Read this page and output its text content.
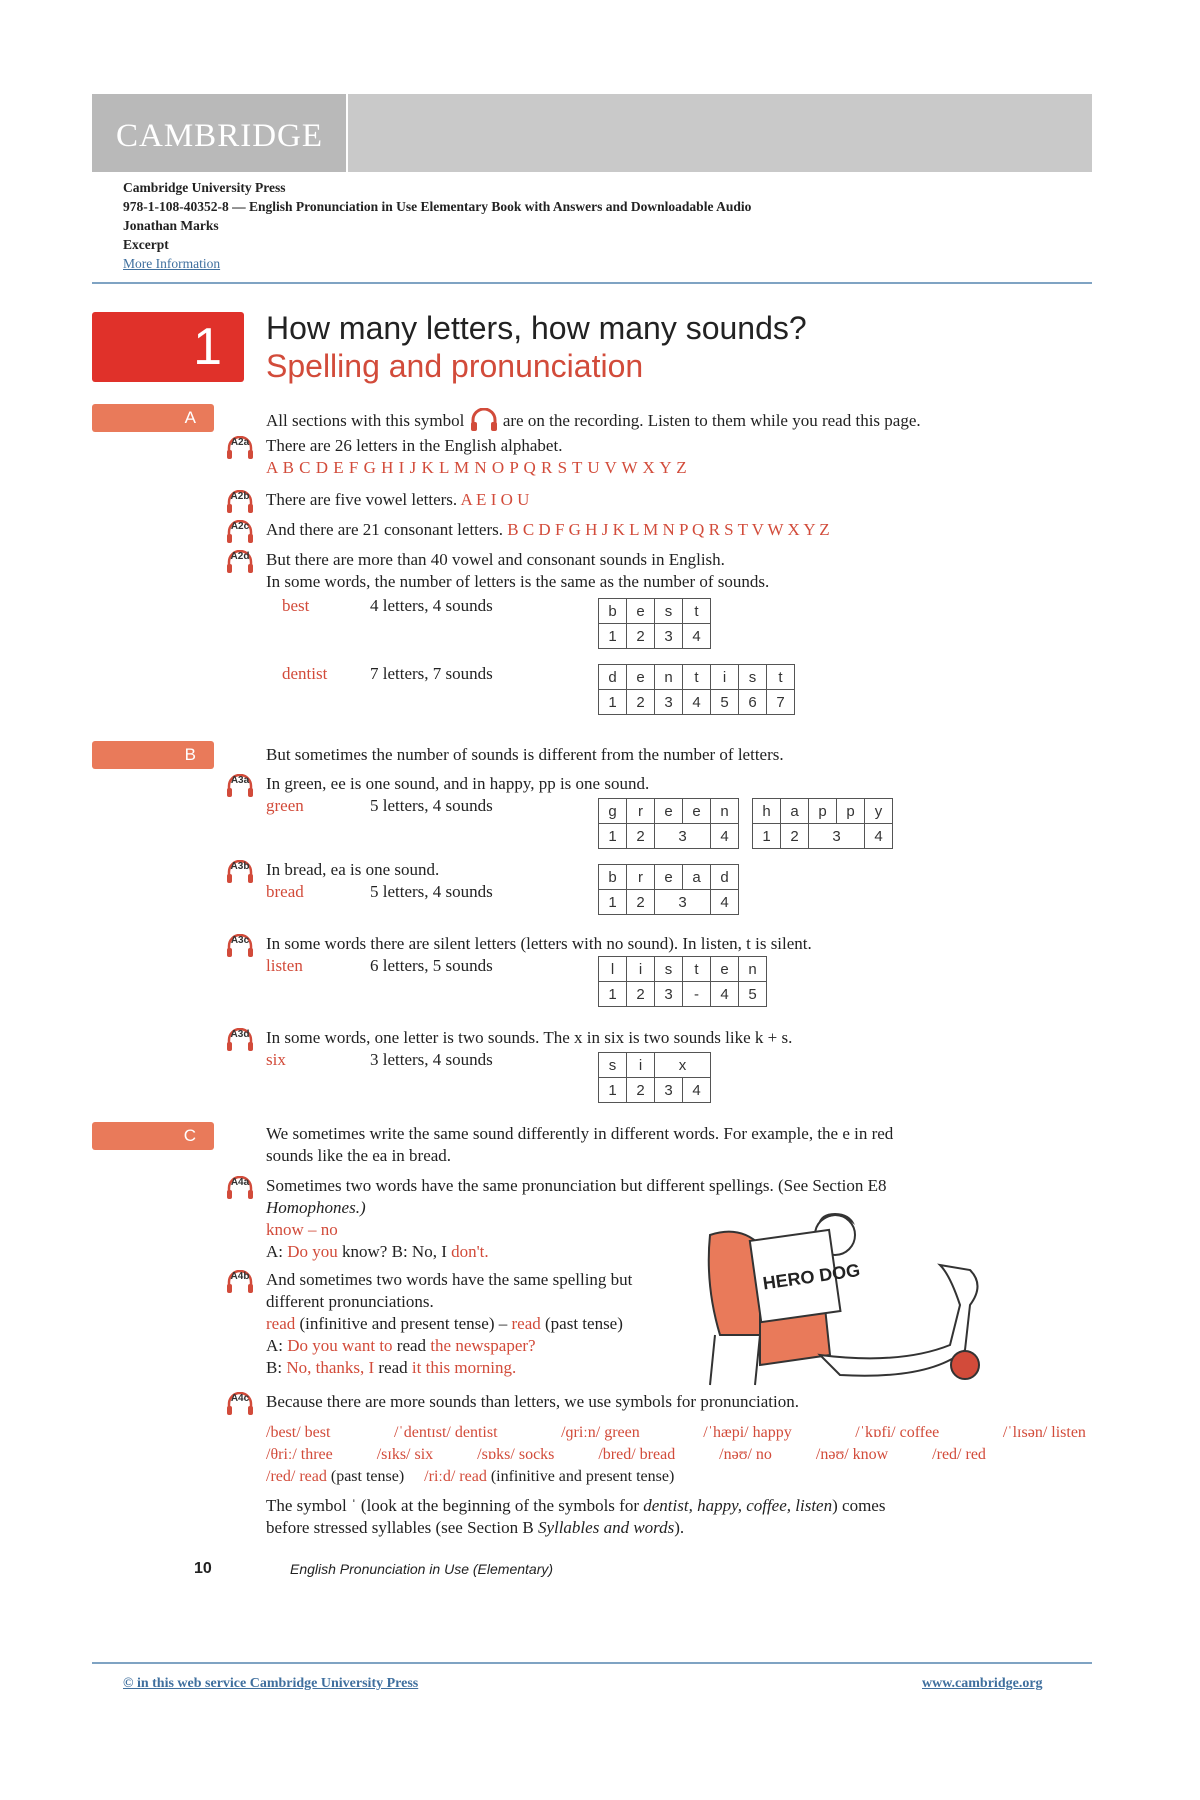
CAMBRIDGE
Cambridge University Press
978-1-108-40352-8 — English Pronunciation in Use Elementary Book with Answers and Downloadable Audio
Jonathan Marks
Excerpt
More Information
1	How many letters, how many sounds?
Spelling and pronunciation
A	All sections with this symbol are on the recording. Listen to them while you read this page.
A2a There are 26 letters in the English alphabet.
A B C D E F G H I J K L M N O P Q R S T U V W X Y Z
A2b There are five vowel letters. A E I O U
A2c And there are 21 consonant letters. B C D F G H J K L M N P Q R S T V W X Y Z
A2d But there are more than 40 vowel and consonant sounds in English.
In some words, the number of letters is the same as the number of sounds.
best	4 letters, 4 sounds	b	e	s	t
1	2	3	4
dentist	7 letters, 7 sounds	d	e	n	t	i	s	t
1	2	3	4	5	6	7
B	But sometimes the number of sounds is different from the number of letters.
A3a In green, ee is one sound, and in happy, pp is one sound.
green	5 letters, 4 sounds	g	r	e	e	n
1	2	3		4
h	a	p	p	y
1	2	3		4
A3b In bread, ea is one sound.
bread	5 letters, 4 sounds
b	r	e	a	d
1	2	3		4
A3c In some words there are silent letters (letters with no sound). In listen, t is silent.
listen	6 letters, 5 sounds	l	i	s	t	e	n
1	2	3	-	4	5
A3d In some words, one letter is two sounds. The x in six is two sounds like k + s.
six	3 letters, 4 sounds	s	i	x	
1	2	3	4
C	We sometimes write the same sound differently in different words. For example, the e in red
sounds like the ea in bread.
A4a Sometimes two words have the same pronunciation but different spellings. (See Section E8
Homophones.)
know – no
A: Do you know? B: No, I don't.
A4b And sometimes two words have the same spelling but
different pronunciations.
read (infinitive and present tense) – read (past tense)
A: Do you want to read the newspaper?
B: No, thanks, I read it this morning.
HERO DOG
A4c Because there are more sounds than letters, we use symbols for pronunciation.
/best/ best	/ˈdentɪst/ dentist	/ɡriːn/ green	/ˈhæpi/ happy	/ˈkɒfi/ coffee	/ˈlɪsən/ listen
/θriː/ three	/sɪks/ six	/sɒks/ socks	/bred/ bread	/nəʊ/ no	/nəʊ/ know	/red/ red
/red/ read (past tense) /riːd/ read (infinitive and present tense)
The symbol ˈ (look at the beginning of the symbols for dentist, happy, coffee, listen) comes
before stressed syllables (see Section B Syllables and words).
10	English Pronunciation in Use (Elementary)
© in this web service Cambridge University Press	www.cambridge.org
